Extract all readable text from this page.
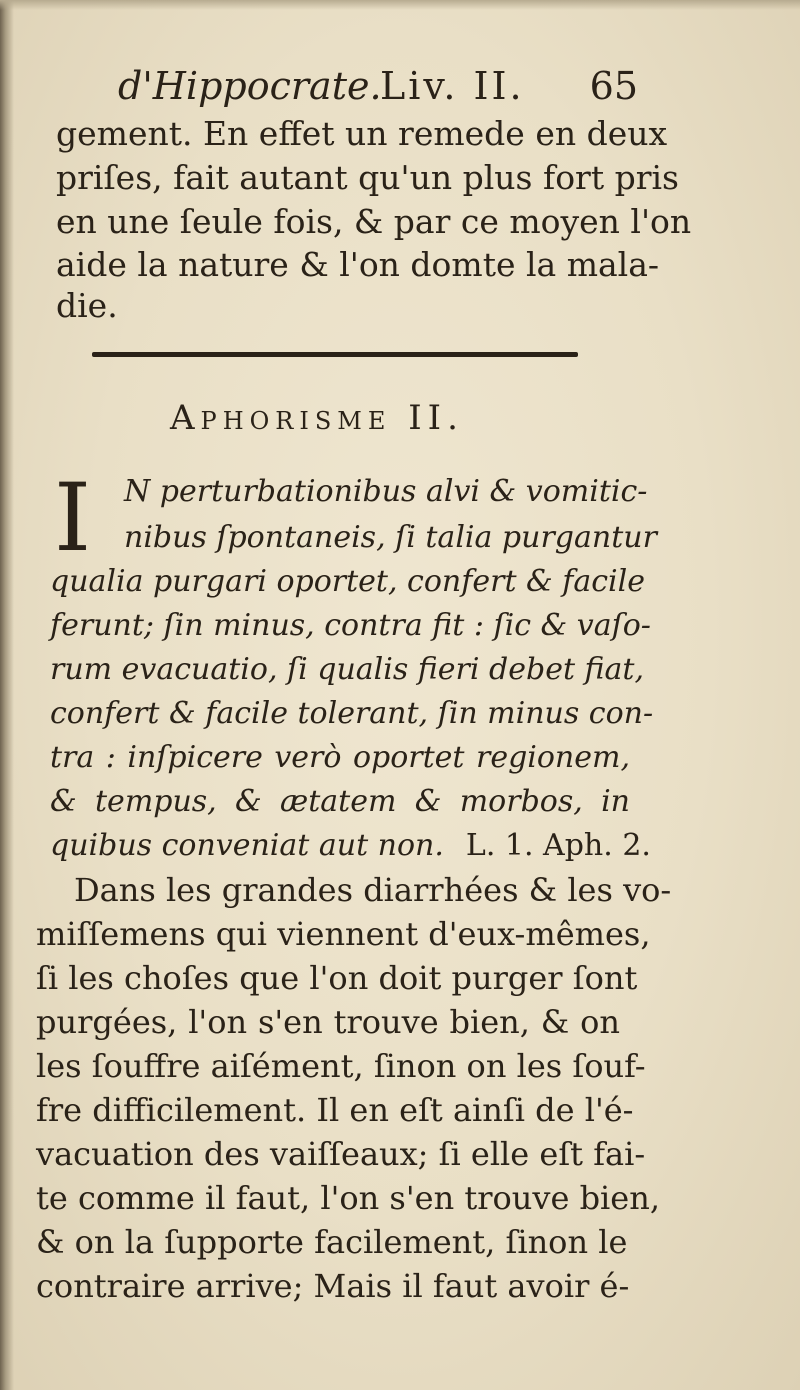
d'Hippocrate.
Liv. II. 65
gement. En effet un remede en deux
priſes, fait autant qu'un plus fort pris
en une ſeule fois, & par ce moyen l'on
aide la nature & l'on domte la mala-
die.
Aphorisme II.
I N perturbationibus alvi & vomitic-
nibus ſpontaneis, ſi talia purgantur
qualia purgari oportet, confert & facile
ferunt; ſin minus, contra fit : ſic & vaſo-
rum evacuatio, ſi qualis fieri debet fiat,
confert & facile tolerant, ſin minus con-
tra : inſpicere verò oportet regionem,
& tempus, & ætatem & morbos, in
quibus conveniat aut non. L. 1. Aph. 2.
Dans les grandes diarrhées & les vo-
miſſemens qui viennent d'eux-mêmes,
ſi les choſes que l'on doit purger ſont
purgées, l'on s'en trouve bien, & on
les ſouffre aiſément, ſinon on les ſouf-
fre difficilement. Il en eſt ainſi de l'é-
vacuation des vaiſſeaux; ſi elle eſt fai-
te comme il faut, l'on s'en trouve bien,
& on la ſupporte facilement, ſinon le
contraire arrive; Mais il faut avoir é-
